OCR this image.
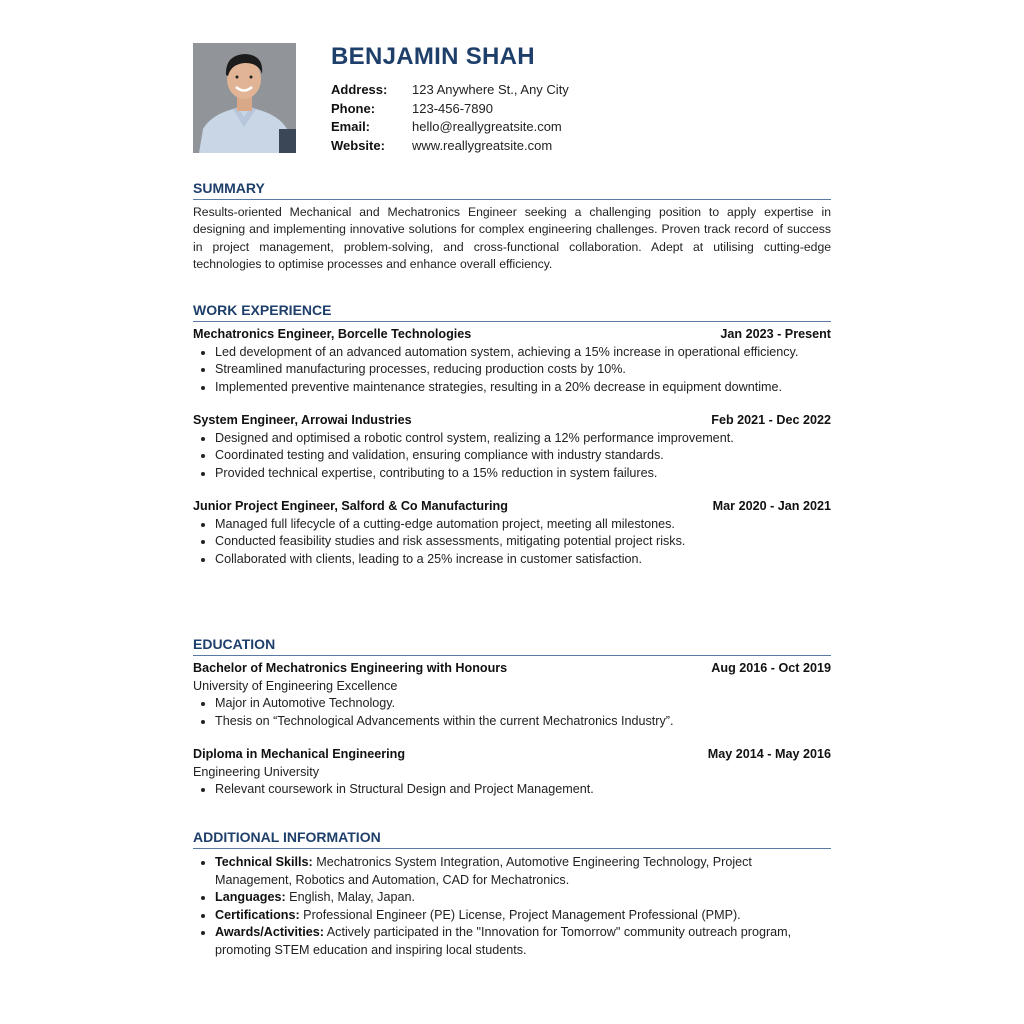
BENJAMIN SHAH
Address:	123 Anywhere St., Any City
Phone:	123-456-7890
Email:	hello@reallygreatsite.com
Website:	www.reallygreatsite.com
SUMMARY
Results-oriented Mechanical and Mechatronics Engineer seeking a challenging position to apply expertise in designing and implementing innovative solutions for complex engineering challenges. Proven track record of success in project management, problem-solving, and cross-functional collaboration. Adept at utilising cutting-edge technologies to optimise processes and enhance overall efficiency.
WORK EXPERIENCE
Mechatronics Engineer, Borcelle Technologies	Jan 2023 - Present
• Led development of an advanced automation system, achieving a 15% increase in operational efficiency.
• Streamlined manufacturing processes, reducing production costs by 10%.
• Implemented preventive maintenance strategies, resulting in a 20% decrease in equipment downtime.
System Engineer, Arrowai Industries	Feb 2021 - Dec 2022
• Designed and optimised a robotic control system, realizing a 12% performance improvement.
• Coordinated testing and validation, ensuring compliance with industry standards.
• Provided technical expertise, contributing to a 15% reduction in system failures.
Junior Project Engineer, Salford & Co Manufacturing	Mar 2020 - Jan 2021
• Managed full lifecycle of a cutting-edge automation project, meeting all milestones.
• Conducted feasibility studies and risk assessments, mitigating potential project risks.
• Collaborated with clients, leading to a 25% increase in customer satisfaction.
EDUCATION
Bachelor of Mechatronics Engineering with Honours	Aug 2016 - Oct 2019
University of Engineering Excellence
• Major in Automotive Technology.
• Thesis on “Technological Advancements within the current Mechatronics Industry”.
Diploma in Mechanical Engineering	May 2014 - May 2016
Engineering University
• Relevant coursework in Structural Design and Project Management.
ADDITIONAL INFORMATION
• Technical Skills: Mechatronics System Integration, Automotive Engineering Technology, Project Management, Robotics and Automation, CAD for Mechatronics.
• Languages: English, Malay, Japan.
• Certifications: Professional Engineer (PE) License, Project Management Professional (PMP).
• Awards/Activities: Actively participated in the "Innovation for Tomorrow" community outreach program, promoting STEM education and inspiring local students.
